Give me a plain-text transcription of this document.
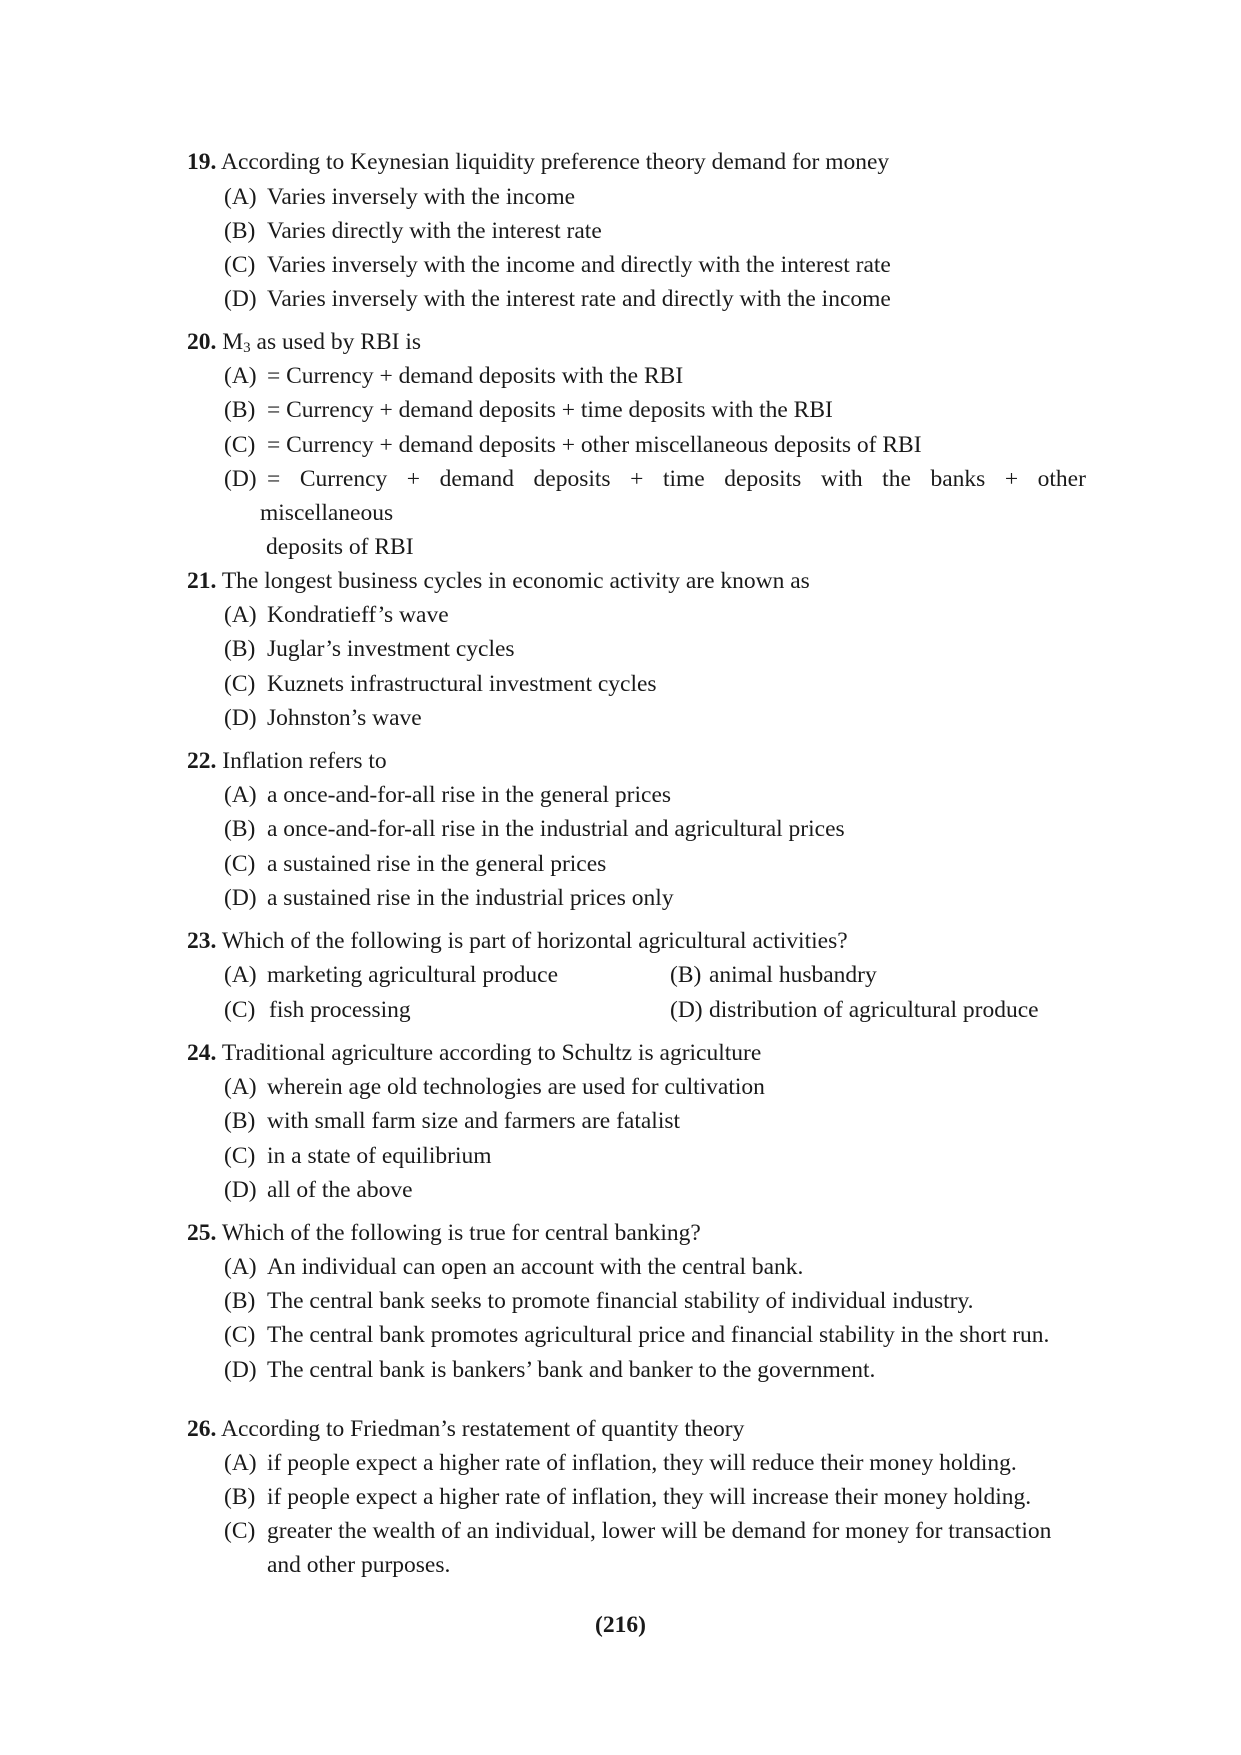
19. According to Keynesian liquidity preference theory demand for money
(A) Varies inversely with the income
(B) Varies directly with the interest rate
(C) Varies inversely with the income and directly with the interest rate
(D) Varies inversely with the interest rate and directly with the income
20. $M_3$ as used by RBI is
(A) = Currency + demand deposits with the RBI
(B) = Currency + demand deposits + time deposits with the RBI
(C) = Currency + demand deposits + other miscellaneous deposits of RBI
(D) = Currency + demand deposits + time deposits with the banks + other
miscellaneous
deposits of RBI
21. The longest business cycles in economic activity are known as
(A) Kondratieff’s wave
(B) Juglar’s investment cycles
(C) Kuznets infrastructural investment cycles
(D) Johnston’s wave
22. Inflation refers to
(A) a once-and-for-all rise in the general prices
(B) a once-and-for-all rise in the industrial and agricultural prices
(C) a sustained rise in the general prices
(D) a sustained rise in the industrial prices only
23. Which of the following is part of horizontal agricultural activities?
(A) marketing agricultural produce	(B) animal husbandry
(C) fish processing	(D) distribution of agricultural produce
24. Traditional agriculture according to Schultz is agriculture
(A) wherein age old technologies are used for cultivation
(B) with small farm size and farmers are fatalist
(C) in a state of equilibrium
(D) all of the above
25. Which of the following is true for central banking?
(A) An individual can open an account with the central bank.
(B) The central bank seeks to promote financial stability of individual industry.
(C) The central bank promotes agricultural price and financial stability in the short run.
(D) The central bank is bankers’ bank and banker to the government.
26. According to Friedman’s restatement of quantity theory
(A) if people expect a higher rate of inflation, they will reduce their money holding.
(B) if people expect a higher rate of inflation, they will increase their money holding.
(C) greater the wealth of an individual, lower will be demand for money for transaction
and other purposes.
(216)
